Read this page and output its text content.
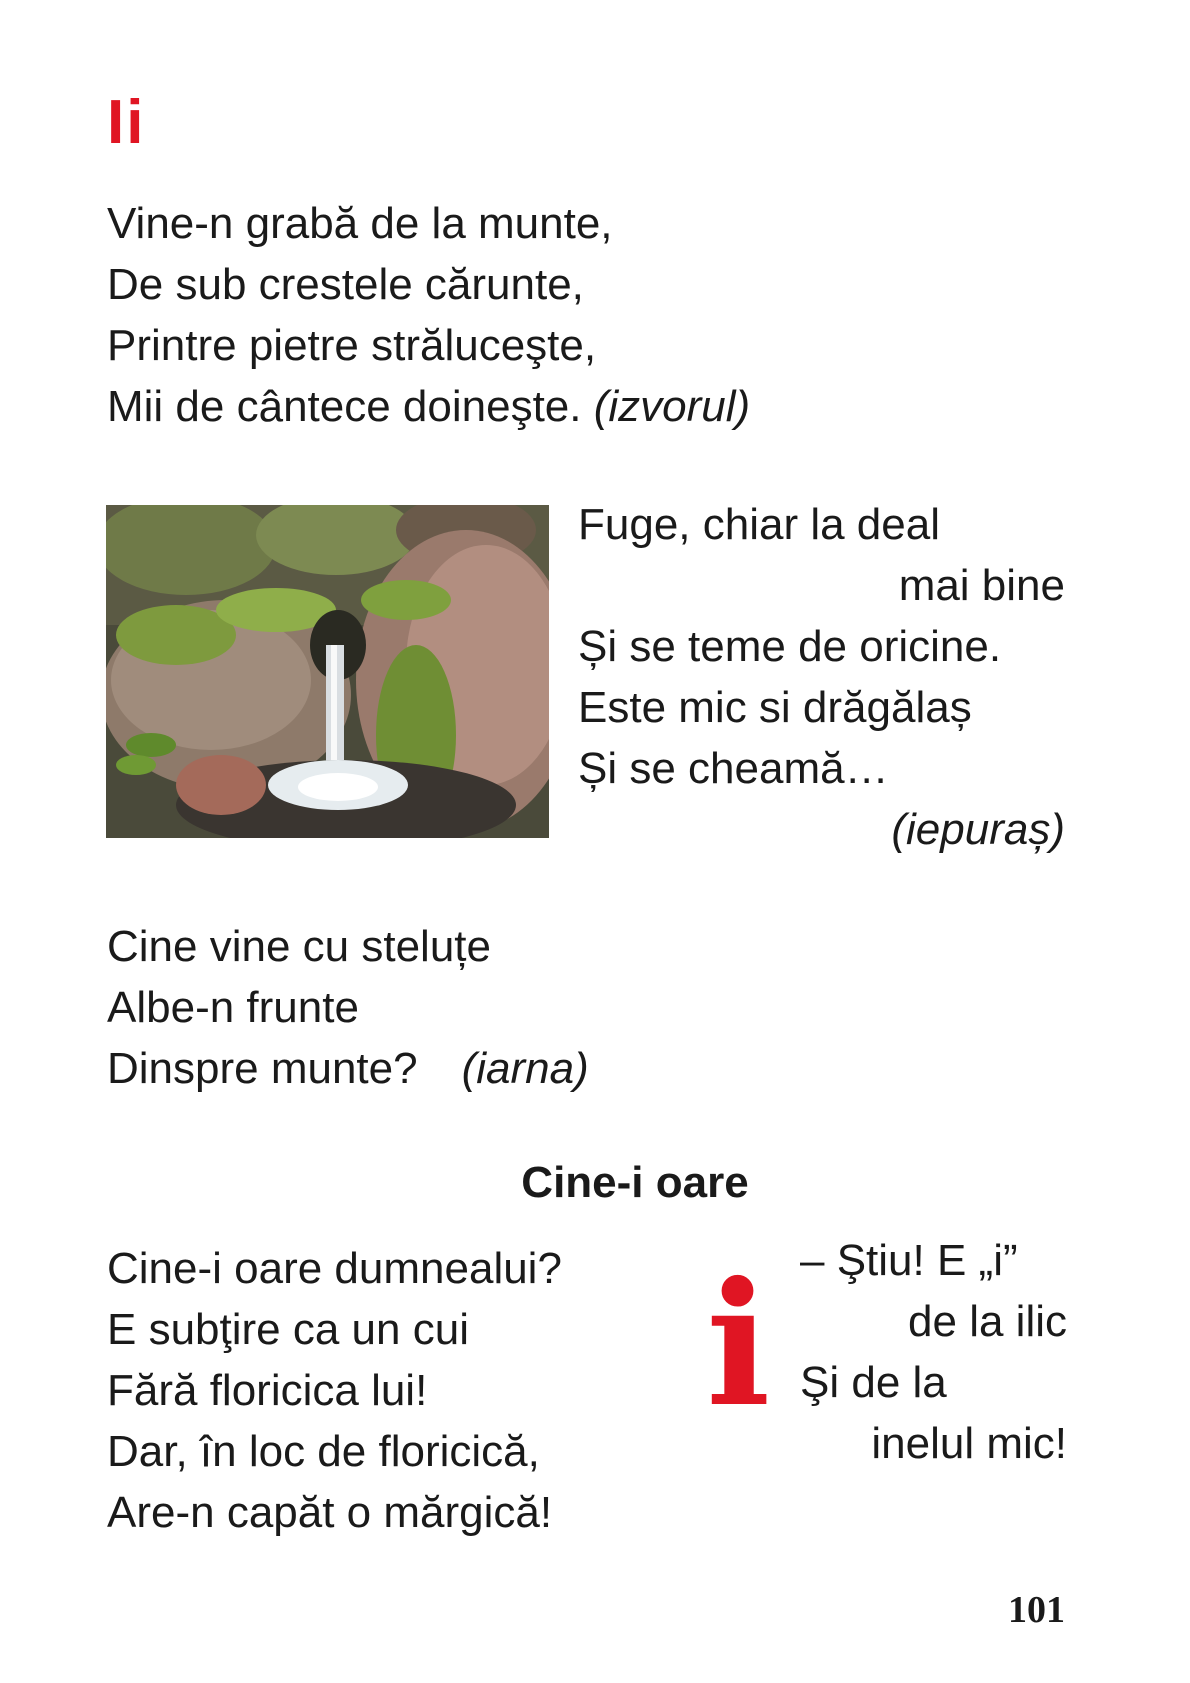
Ii
Vine-n grabă de la munte,
De sub crestele cărunte,
Printre pietre străluceşte,
Mii de cântece doineşte. (izvorul)
Fuge, chiar la deal
mai bine
Și se teme de oricine.
Este mic si drăgălaș
Și se cheamă…
(iepuraș)
Cine vine cu steluțe
Albe-n frunte
Dinspre munte? (iarna)
Cine-i oare
Cine-i oare dumnealui?
E subţire ca un cui
Fără floricica lui!
Dar, în loc de floricică,
Are-n capăt o mărgică!
i – Ştiu! E „i”
de la ilic
Şi de la
inelul mic!
101
